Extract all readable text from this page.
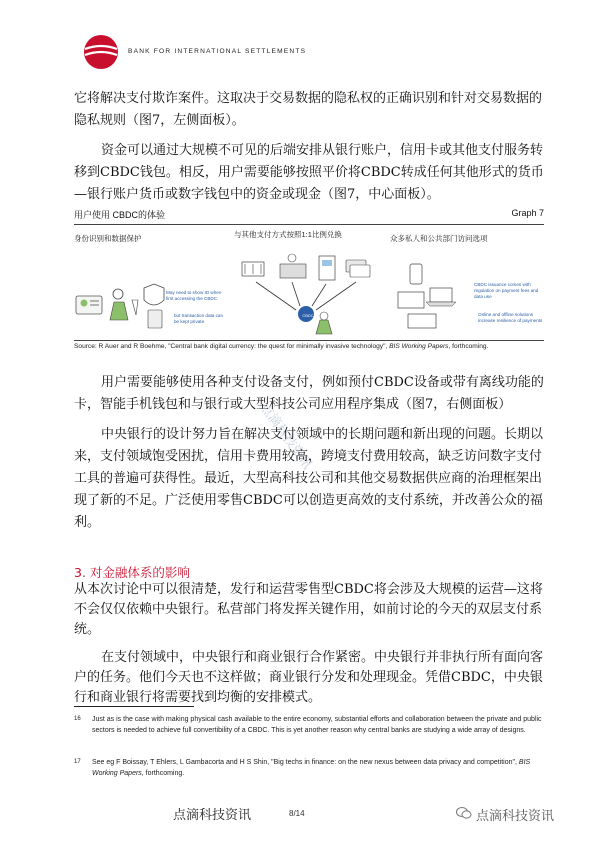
BANK FOR INTERNATIONAL SETTLEMENTS

它将解决支付欺诈案件。这取决于交易数据的隐私权的正确识别和针对交易数据的隐私规则（图7，左侧面板）。

资金可以通过大规模不可见的后端安排从银行账户，信用卡或其他支付服务转移到CBDC钱包。相反，用户需要能够按照平价将CBDC转成任何其他形式的货币—银行账户货币或数字钱包中的资金或现金（图7，中心面板）。

用户使用 CBDC的体验	Graph 7
身份识别和数据保护	与其他支付方式按照1:1比例兑换	众多私人和公共部门访问选项
May need to show ID when first accessing the CBDC
but transaction data can be kept private
CBDC
CBDC issuance comes with regulation on payment fees and data use
Online and offline solutions increase resilience of payments
Source: R Auer and R Boehme, "Central bank digital currency: the quest for minimally invasive technology", BIS Working Papers, forthcoming.
点滴科技资讯

用户需要能够使用各种支付设备支付，例如预付CBDC设备或带有离线功能的卡，智能手机钱包和与银行或大型科技公司应用程序集成（图7，右侧面板）

中央银行的设计努力旨在解决支付领域中的长期问题和新出现的问题。长期以来，支付领域饱受困扰，信用卡费用较高，跨境支付费用较高，缺乏访问数字支付工具的普遍可获得性。最近，大型高科技公司和其他交易数据供应商的治理框架出现了新的不足。广泛使用零售CBDC可以创造更高效的支付系统，并改善公众的福利。

3. 对金融体系的影响

从本次讨论中可以很清楚，发行和运营零售型CBDC将会涉及大规模的运营—这将不会仅仅依赖中央银行。私营部门将发挥关键作用，如前讨论的今天的双层支付系统。

在支付领域中，中央银行和商业银行合作紧密。中央银行并非执行所有面向客户的任务。他们今天也不这样做；商业银行分发和处理现金。凭借CBDC，中央银行和商业银行将需要找到均衡的安排模式。

16 Just as is the case with making physical cash available to the entire economy, substantial efforts and collaboration between the private and public sectors is needed to achieve full convertibility of a CBDC. This is yet another reason why central banks are studying a wide array of designs.
17 See eg F Boissay, T Ehlers, L Gambacorta and H S Shin, "Big techs in finance: on the new nexus between data privacy and competition", BIS Working Papers, forthcoming.
点滴科技资讯	8/14	点滴科技资讯
